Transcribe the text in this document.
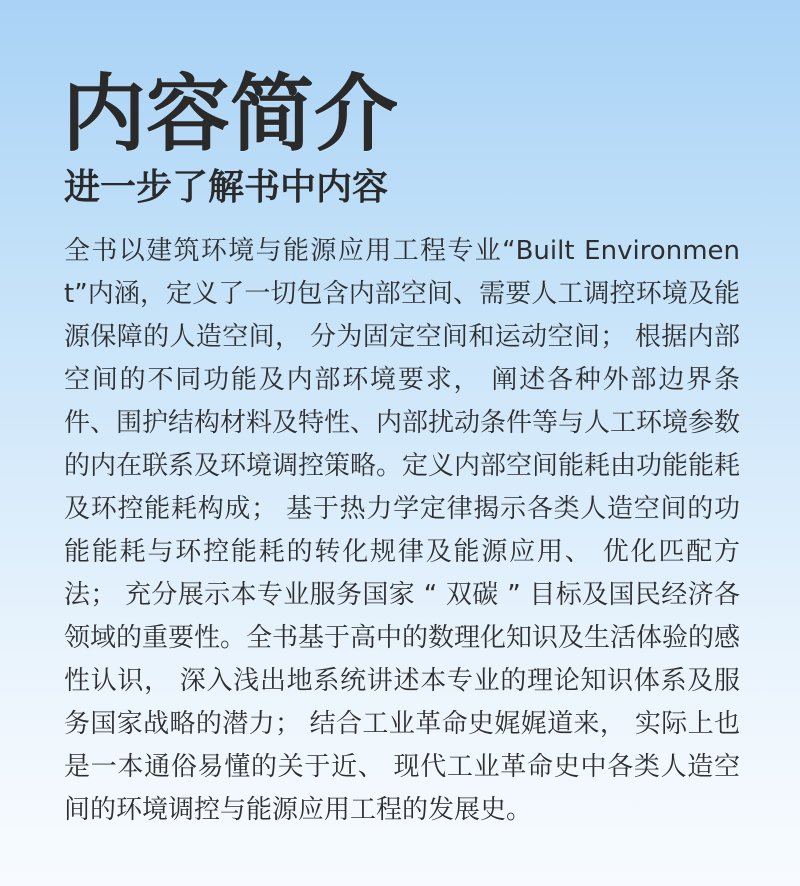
内容简介
进一步了解书中内容
全书以建筑环境与能源应用工程专业“Built Environment”内涵，定义了一切包含内部空间、需要人工调控环境及能源保障的人造空间， 分为固定空间和运动空间； 根据内部空间的不同功能及内部环境要求， 阐述各种外部边界条件、围护结构材料及特性、内部扰动条件等与人工环境参数的内在联系及环境调控策略。定义内部空间能耗由功能能耗及环控能耗构成； 基于热力学定律揭示各类人造空间的功能能耗与环控能耗的转化规律及能源应用、 优化匹配方法； 充分展示本专业服务国家 “ 双碳 ” 目标及国民经济各领域的重要性。全书基于高中的数理化知识及生活体验的感性认识， 深入浅出地系统讲述本专业的理论知识体系及服务国家战略的潜力； 结合工业革命史娓娓道来， 实际上也是一本通俗易懂的关于近、 现代工业革命史中各类人造空间的环境调控与能源应用工程的发展史。
